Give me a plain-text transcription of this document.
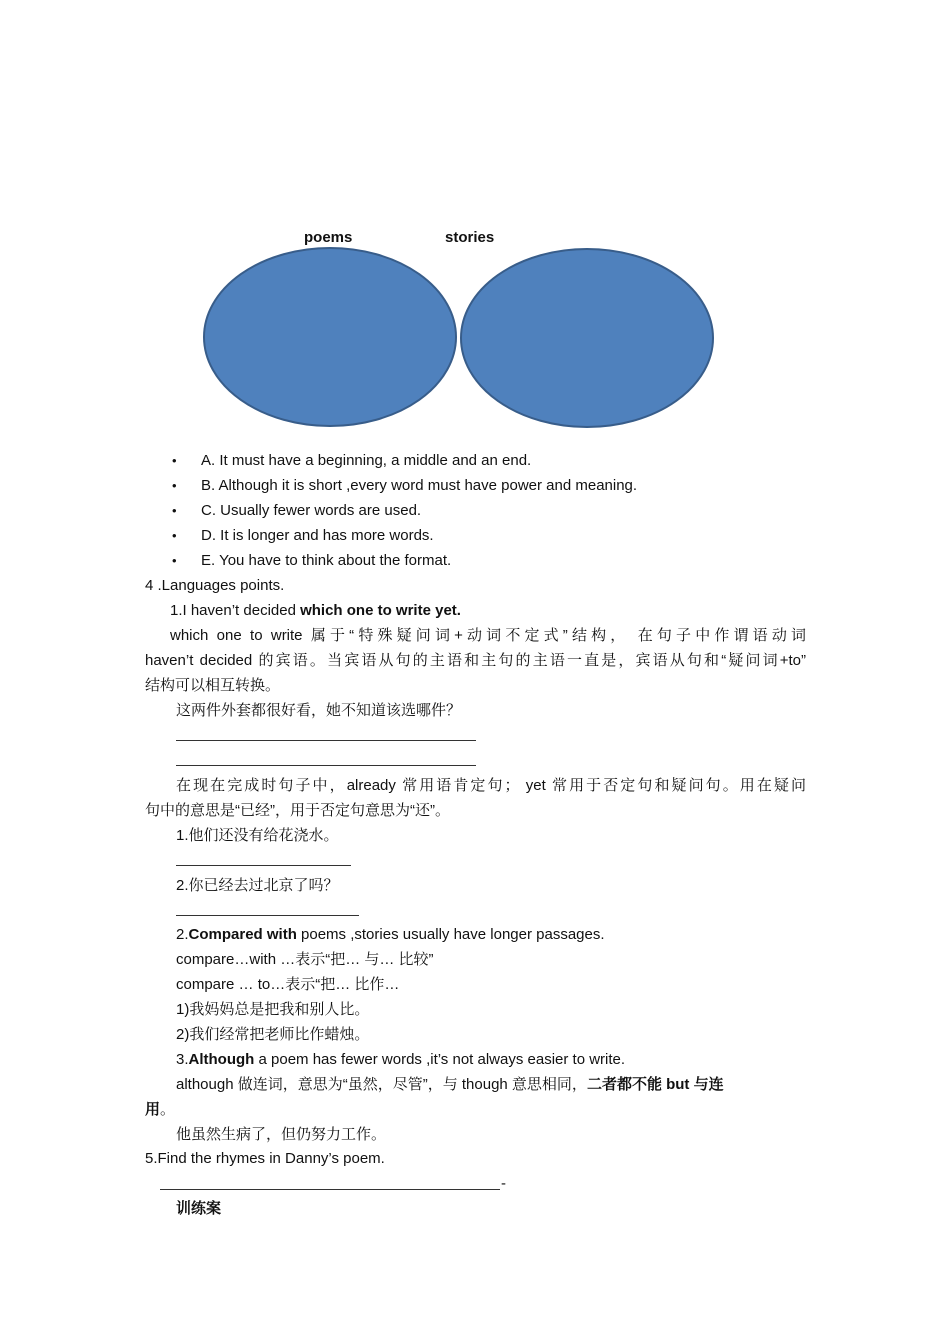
poems	stories
•	A. It must have a beginning, a middle and an end.
•	B. Although it is short ,every word must have power and meaning.
•	C. Usually fewer words are used.
•	D. It is longer and has more words.
•	E. You have to think about the format.
4 .Languages points.
1.I haven’t decided which one to write yet.
which one to write 属于“特殊疑问词+动词不定式”结构， 在句子中作谓语动词
haven’t decided 的宾语。当宾语从句的主语和主句的主语一直是，宾语从句和“疑问词+to”
结构可以相互转换。
这两件外套都很好看，她不知道该选哪件？
在现在完成时句子中，already 常用语肯定句； yet 常用于否定句和疑问句。用在疑问
句中的意思是“已经”，用于否定句意思为“还”。
1.他们还没有给花浇水。
2.你已经去过北京了吗？
2.Compared with poems ,stories usually have longer passages.
compare…with …表示“把… 与… 比较”
compare … to…表示“把… 比作…
1)我妈妈总是把我和别人比。
2)我们经常把老师比作蜡烛。
3.Although a poem has fewer words ,it’s not always easier to write.
although 做连词，意思为“虽然，尽管”，与 though 意思相同，二者都不能 but 与连
用。
他虽然生病了，但仍努力工作。
5.Find the rhymes in Danny’s poem.
-
训练案
